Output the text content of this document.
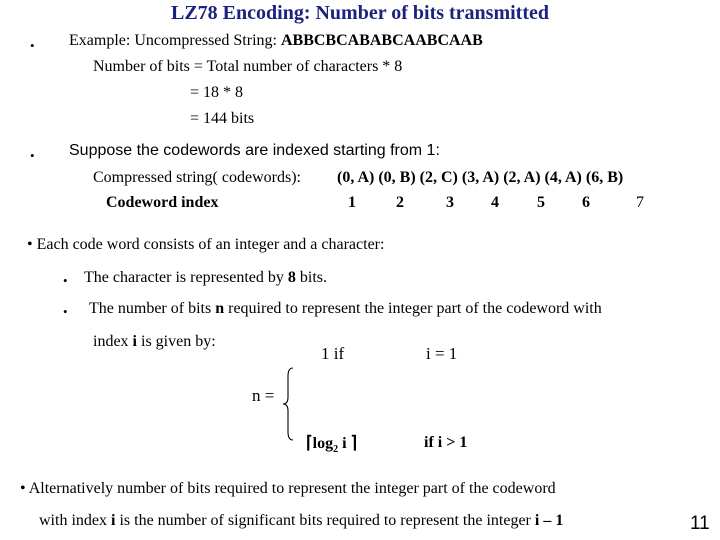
LZ78 Encoding: Number of bits transmitted
• Example: Uncompressed String: ABBCBCABABCAABCAAB
Number of bits = Total number of characters * 8
= 18 * 8
= 144 bits
• Suppose the codewords are indexed starting from 1:
Compressed string( codewords): (0, A) (0, B) (2, C) (3, A) (2, A) (4, A) (6, B)
Codeword index	1	2	3 4 5 6	7
• Each code word consists of an integer and a character:
• The character is represented by 8 bits.
• The number of bits n required to represent the integer part of the codeword with
index i is given by:
1 if	i = 1
n =
$⌈\log_2$ i ⌉	if i > 1
• Alternatively number of bits required to represent the integer part of the codeword
with index i is the number of significant bits required to represent the integer i – 1	11
